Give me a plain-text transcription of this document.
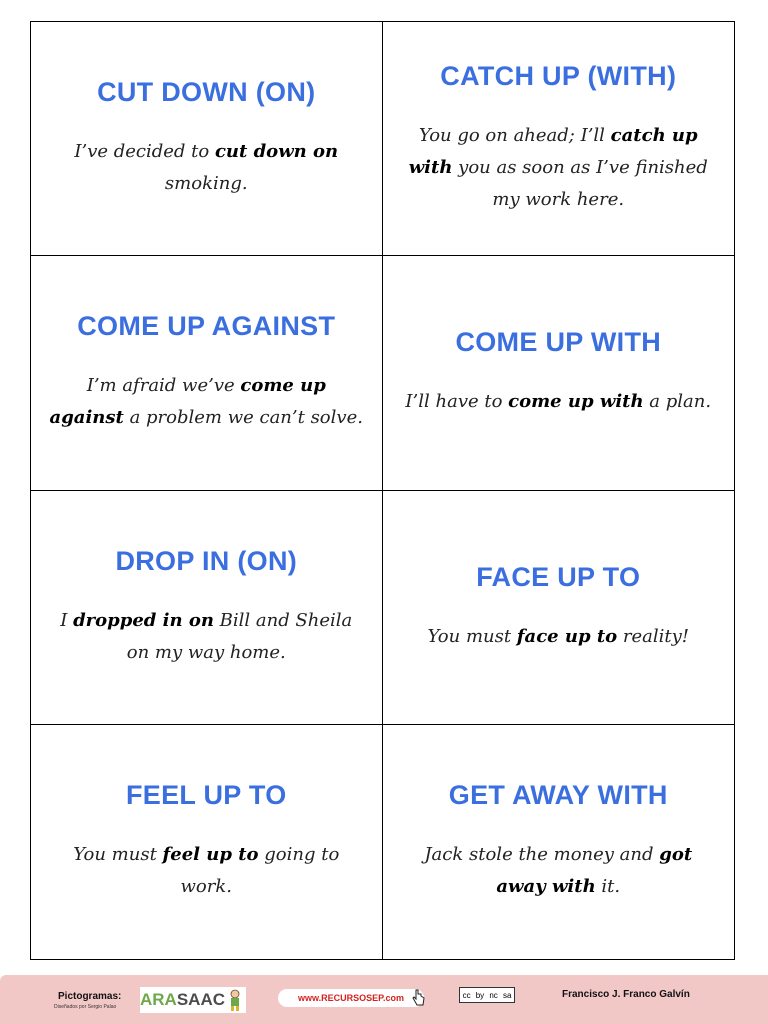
CUT DOWN (ON)
I’ve decided to cut down on smoking.
CATCH UP (WITH)
You go on ahead; I’ll catch up with you as soon as I’ve finished my work here.
COME UP AGAINST
I’m afraid we’ve come up against a problem we can’t solve.
COME UP WITH
I’ll have to come up with a plan.
DROP IN (ON)
I dropped in on Bill and Sheila on my way home.
FACE UP TO
You must face up to reality!
FEEL UP TO
You must feel up to going to work.
GET AWAY WITH
Jack stole the money and got away with it.
Pictogramas:
Diseñados por Sergio Palao ARA SAAC	www.RECURSOSEP.com	cc by nc sa	Francisco J. Franco Galvín
